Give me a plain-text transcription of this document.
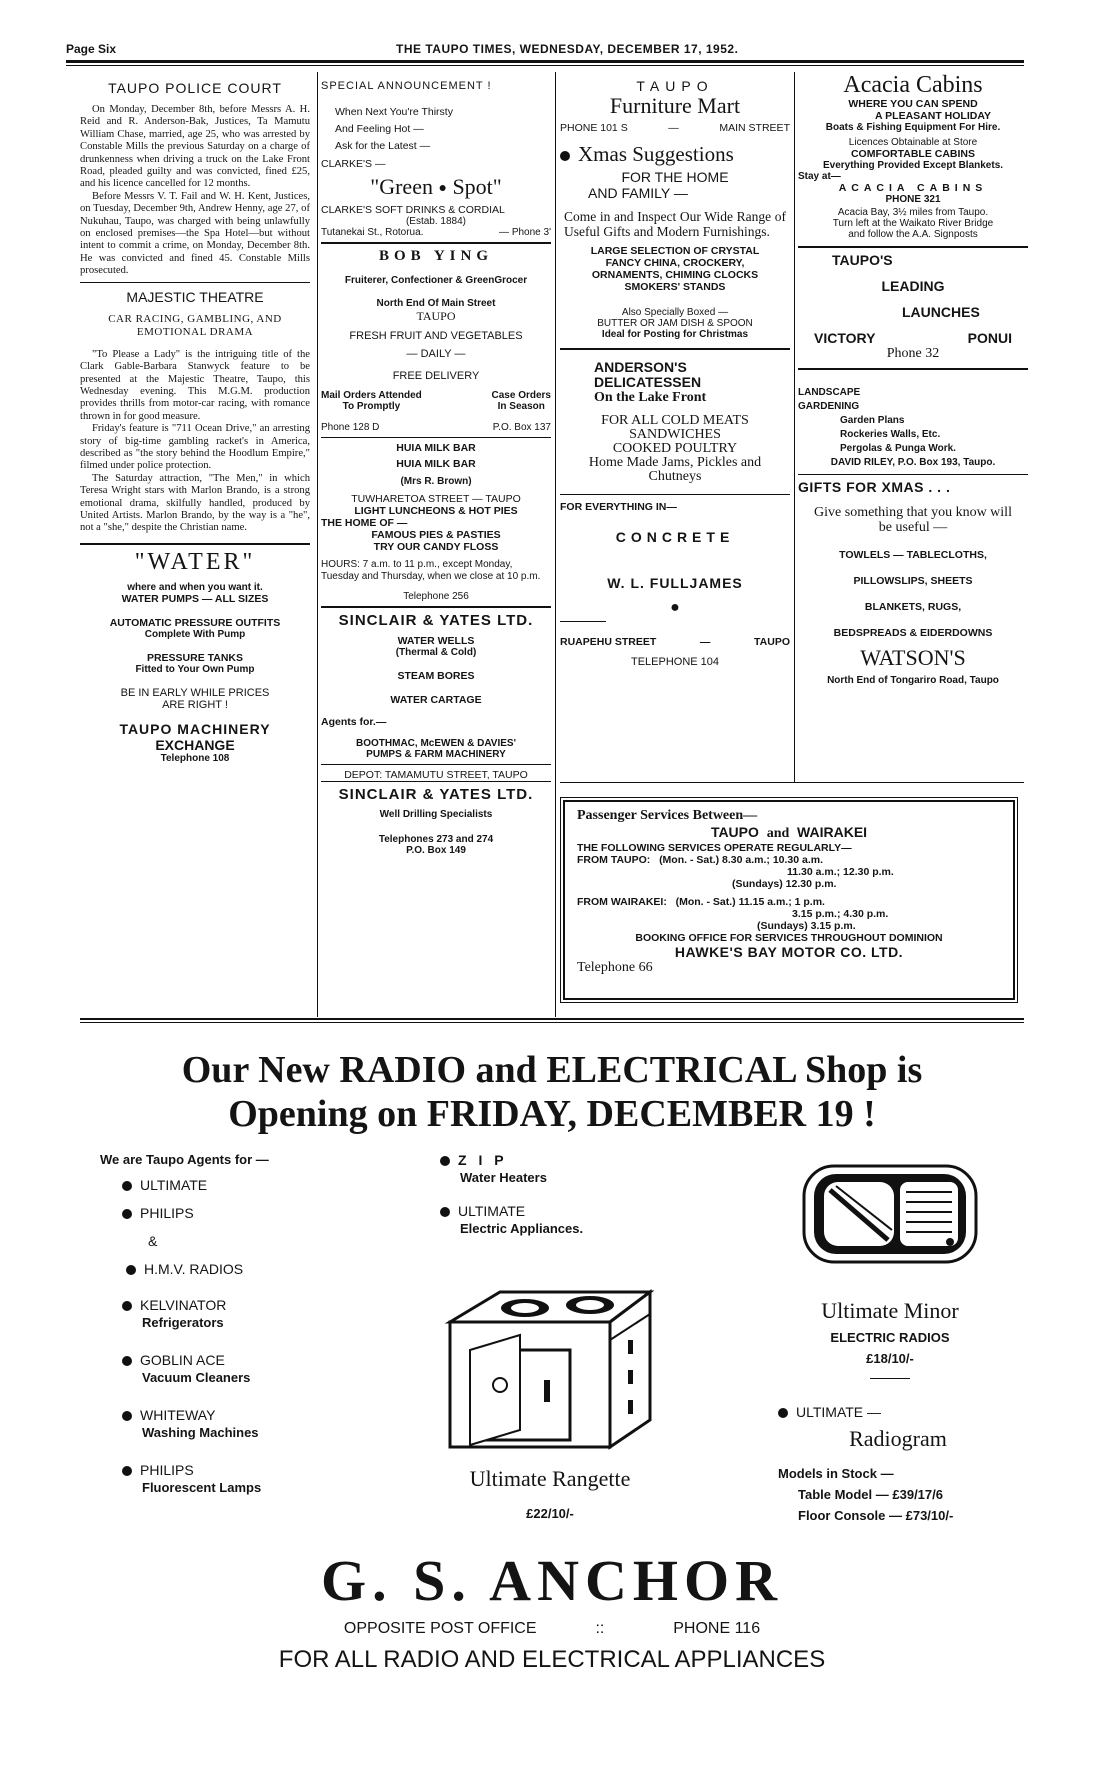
Page Six	THE TAUPO TIMES, WEDNESDAY, DECEMBER 17, 1952.
TAUPO POLICE COURT

On Monday, December 8th, before Messrs A. H. Reid and R. Anderson-Bak, Justices, Ta Mamutu William Chase, married, age 25, who was arrested by Constable Mills the previous Saturday on a charge of drunkenness when driving a truck on the Lake Front Road, pleaded guilty and was convicted, fined £25, and his licence cancelled for 12 months.

Before Messrs V. T. Fail and W. H. Kent, Justices, on Tuesday, December 9th, Andrew Henny, age 27, of Nukuhau, Taupo, was charged with being unlawfully on enclosed premises—the Spa Hotel—but without intent to commit a crime, on Monday, December 8th. He was convicted and fined 45. Constable Mills prosecuted.

MAJESTIC THEATRE
CAR RACING, GAMBLING, AND EMOTIONAL DRAMA

"To Please a Lady" is the intriguing title of the Clark Gable-Barbara Stanwyck feature to be presented at the Majestic Theatre, Taupo, this Wednesday evening. This M.G.M. production provides thrills from motor-car racing, with romance thrown in for good measure.

Friday's feature is "711 Ocean Drive," an arresting story of big-time gambling racket's in America, described as "the story behind the Hoodlum Empire," filmed under police protection.

The Saturday attraction, "The Men," in which Teresa Wright stars with Marlon Brando, is a strong emotional drama, skilfully handled, produced by United Artists. Marlon Brando, by the way is a "he", not a "she," despite the Christian name.

"WATER"
where and when you want it.
WATER PUMPS — ALL SIZES
AUTOMATIC PRESSURE OUTFITS
Complete With Pump
PRESSURE TANKS
Fitted to Your Own Pump
BE IN EARLY WHILE PRICES
ARE RIGHT !
TAUPO MACHINERY
EXCHANGE
Telephone 108
SPECIAL ANNOUNCEMENT !
When Next You're Thirsty
And Feeling Hot —
Ask for the Latest —
CLARKE'S —
"Green ● Spot"
CLARKE'S SOFT DRINKS & CORDIAL
(Estab. 1884)
Tutanekai St., Rotorua.	— Phone 3'
BOB YING
Fruiterer, Confectioner & GreenGrocer
North End Of Main Street
TAUPO
FRESH FRUIT AND VEGETABLES
— DAILY —
FREE DELIVERY
Mail Orders Attended
To Promptly
Case Orders
In Season
Phone 128 D	P.O. Box 137
HUIA MILK BAR
HUIA MILK BAR
(Mrs R. Brown)
TUWHARETOA STREET — TAUPO
LIGHT LUNCHEONS & HOT PIES
THE HOME OF —
FAMOUS PIES & PASTIES
TRY OUR CANDY FLOSS
HOURS: 7 a.m. to 11 p.m., except Monday, Tuesday and Thursday, when we close at 10 p.m.
Telephone 256
SINCLAIR & YATES LTD.
WATER WELLS
(Thermal & Cold)
STEAM BORES
WATER CARTAGE
Agents for.—
BOOTHMAC, McEWEN & DAVIES'
PUMPS & FARM MACHINERY
DEPOT: TAMAMUTU STREET, TAUPO
SINCLAIR & YATES LTD.
Well Drilling Specialists
Telephones 273 and 274
P.O. Box 149
TAUPO
Furniture Mart
PHONE 101 S	—	MAIN STREET
Xmas Suggestions
FOR THE HOME
AND FAMILY —
Come in and Inspect Our Wide Range of Useful Gifts and Modern Furnishings.
LARGE SELECTION OF CRYSTAL
FANCY CHINA, CROCKERY,
ORNAMENTS, CHIMING CLOCKS
SMOKERS' STANDS
Also Specially Boxed —
BUTTER OR JAM DISH & SPOON
Ideal for Posting for Christmas
ANDERSON'S
DELICATESSEN
On the Lake Front
FOR ALL COLD MEATS
SANDWICHES
COOKED POULTRY
Home Made Jams, Pickles and
Chutneys
FOR EVERYTHING IN—
CONCRETE
W. L. FULLJAMES
●
RUAPEHU STREET	—	TAUPO
TELEPHONE 104
Acacia Cabins
WHERE YOU CAN SPEND
A PLEASANT HOLIDAY
Boats & Fishing Equipment For Hire.
Licences Obtainable at Store
COMFORTABLE CABINS
Everything Provided Except Blankets.
Stay at—
ACACIA CABINS
PHONE 321
Acacia Bay, 3½ miles from Taupo.
Turn left at the Waikato River Bridge
and follow the A.A. Signposts
TAUPO'S
LEADING
LAUNCHES
VICTORY	PONUI
Phone 32
LANDSCAPE
GARDENING
Garden Plans
Rockeries Walls, Etc.
Pergolas & Punga Work.
DAVID RILEY, P.O. Box 193, Taupo.
GIFTS FOR XMAS . . .
Give something that you know will be useful —
TOWLELS — TABLECLOTHS,
PILLOWSLIPS, SHEETS
BLANKETS, RUGS,
BEDSPREADS & EIDERDOWNS
WATSON'S
North End of Tongariro Road, Taupo
Passenger Services Between—
TAUPO and WAIRAKEI
THE FOLLOWING SERVICES OPERATE REGULARLY—
FROM TAUPO: (Mon. - Sat.) 8.30 a.m.; 10.30 a.m.
11.30 a.m.; 12.30 p.m.
(Sundays) 12.30 p.m.
FROM WAIRAKEI: (Mon. - Sat.) 11.15 a.m.; 1 p.m.
3.15 p.m.; 4.30 p.m.
(Sundays) 3.15 p.m.
BOOKING OFFICE FOR SERVICES THROUGHOUT DOMINION
HAWKE'S BAY MOTOR CO. LTD.
Telephone 66
Our New RADIO and ELECTRICAL Shop is
Opening on FRIDAY, DECEMBER 19 !
We are Taupo Agents for —
ULTIMATE
PHILIPS
&
H.M.V. RADIOS
KELVINATOR
Refrigerators
GOBLIN ACE
Vacuum Cleaners
WHITEWAY
Washing Machines
PHILIPS
Fluorescent Lamps
Z I P
Water Heaters
ULTIMATE
Electric Appliances.
Ultimate Rangette
£22/10/-
Ultimate Minor
ELECTRIC RADIOS
£18/10/-
ULTIMATE —
Radiogram
Models in Stock —
Table Model — £39/17/6
Floor Console — £73/10/-
G. S. ANCHOR
OPPOSITE POST OFFICE	::	PHONE 116
FOR ALL RADIO AND ELECTRICAL APPLIANCES
